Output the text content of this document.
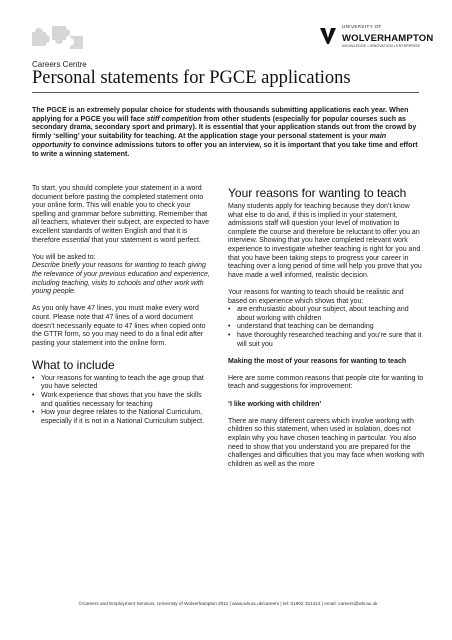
UNIVERSITY OF
WOLVERHAMPTON
KNOWLEDGE • INNOVATION • ENTERPRISE
Careers Centre
Personal statements for PGCE applications
The PGCE is an extremely popular choice for students with thousands submitting applications each year. When applying for a PGCE you will face stiff competition from other students (especially for popular courses such as secondary drama, secondary sport and primary). It is essential that your application stands out from the crowd by firmly ‘selling’ your suitability for teaching. At the application stage your personal statement is your main opportunity to convince admissions tutors to offer you an interview, so it is important that you take time and effort to write a winning statement.

To start, you should complete your statement in a word document before pasting the completed statement onto your online form. This will enable you to check your spelling and grammar before submitting. Remember that all teachers, whatever their subject, are expected to have excellent standards of written English and that it is therefore essential that your statement is word perfect.

You will be asked to:

Describe briefly your reasons for wanting to teach giving the relevance of your previous education and experience, including teaching, visits to schools and other work with young people.

As you only have 47 lines, you must make every word count. Please note that 47 lines of a word document doesn’t necessarily equate to 47 lines when copied onto the GTTR form, so you may need to do a final edit after pasting your statement into the online form.

What to include
• Your reasons for wanting to teach the age group that you have selected
• Work experience that shows that you have the skills and qualities necessary for teaching
• How your degree relates to the National Curriculum, especially if it is not in a National Curriculum subject.
Your reasons for wanting to teach

Many students apply for teaching because they don’t know what else to do and, if this is implied in your statement, admissions staff will question your level of motivation to complete the course and therefore be reluctant to offer you an interview. Showing that you have completed relevant work experience to investigate whether teaching is right for you and that you have been taking steps to progress your career in teaching over a long period of time will help you prove that you have made a well informed, realistic decision.

Your reasons for wanting to teach should be realistic and based on experience which shows that you:

• are enthusiastic about your subject, about teaching and about working with children
• understand that teaching can be demanding
• have thoroughly researched teaching and you’re sure that it will suit you

Making the most of your reasons for wanting to teach

Here are some common reasons that people cite for wanting to teach and suggestions for improvement:

‘I like working with children’

There are many different careers which involve working with children so this statement, when used in isolation, does not explain why you have chosen teaching in particular. You also need to show that you understand you are prepared for the challenges and difficulties that you may face when working with children as well as the more

©Careers and Employment Services, University of Wolverhampton 2011 | www.wlv.ac.uk/careers | tel: 01902 321414 | email: careers@wlv.ac.uk
